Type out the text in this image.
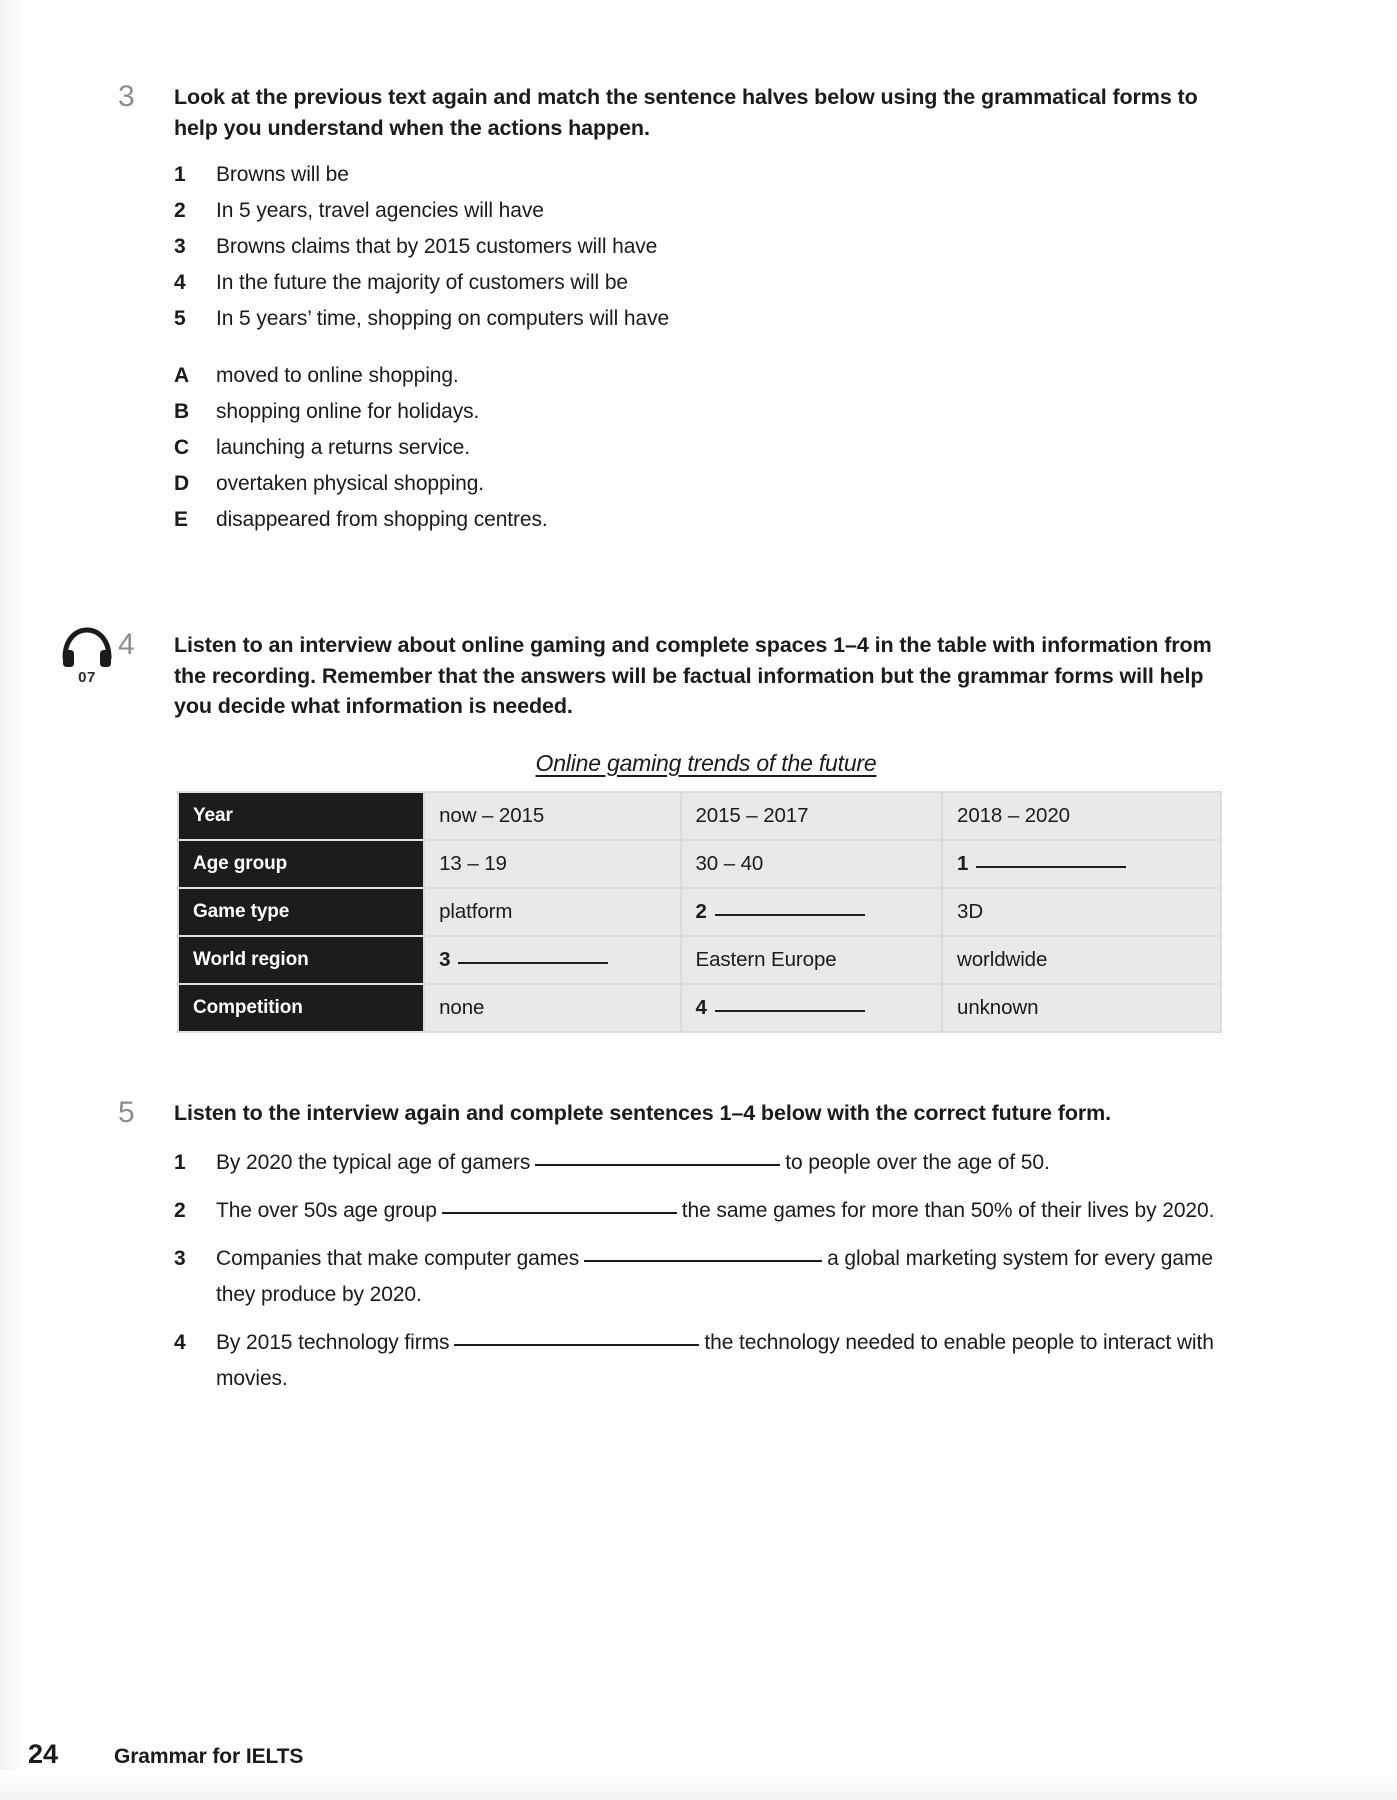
3	Look at the previous text again and match the sentence halves below using the grammatical forms to help you understand when the actions happen.
1 Browns will be
2 In 5 years, travel agencies will have
3 Browns claims that by 2015 customers will have
4 In the future the majority of customers will be
5 In 5 years’ time, shopping on computers will have
A moved to online shopping.
B shopping online for holidays.
C launching a returns service.
D overtaken physical shopping.
E disappeared from shopping centres.
07
4	Listen to an interview about online gaming and complete spaces 1–4 in the table with information from the recording. Remember that the answers will be factual information but the grammar forms will help you decide what information is needed.
Online gaming trends of the future
Year	now – 2015	2015 – 2017	2018 – 2020
Age group	13 – 19	30 – 40	1
Game type	platform	2	3D
World region	3	Eastern Europe	worldwide
Competition	none	4	unknown
5	Listen to the interview again and complete sentences 1–4 below with the correct future form.
1 By 2020 the typical age of gamers	to people over the age of 50.
2 The over 50s age group	the same games for more than 50% of their lives by 2020.
3 Companies that make computer games	a global marketing system for every game they produce by 2020.
4 By 2015 technology firms	the technology needed to enable people to interact with movies.
24	Grammar for IELTS
